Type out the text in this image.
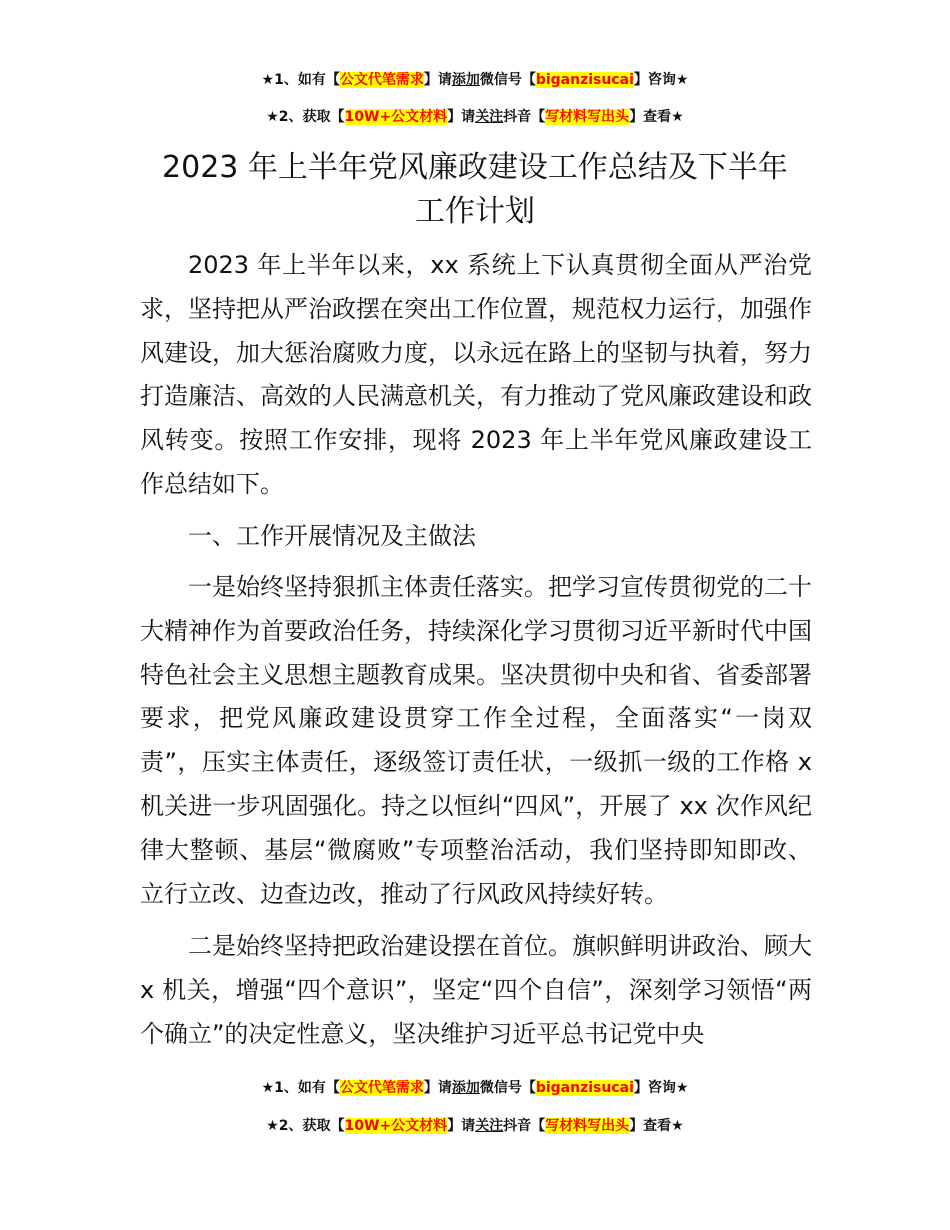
★1、如有【公文代笔需求】请添加微信号【biganzisucai】咨询★
★2、获取【10W+公文材料】请关注抖音【写材料写出头】查看★
2023 年上半年党风廉政建设工作总结及下半年
工作计划

2023 年上半年以来，xx 系统上下认真贯彻全面从严治党求，坚持把从严治政摆在突出工作位置，规范权力运行，加强作风建设，加大惩治腐败力度，以永远在路上的坚韧与执着，努力打造廉洁、高效的人民满意机关，有力推动了党风廉政建设和政风转变。按照工作安排，现将 2023 年上半年党风廉政建设工作总结如下。

一、工作开展情况及主做法

一是始终坚持狠抓主体责任落实。把学习宣传贯彻党的二十大精神作为首要政治任务，持续深化学习贯彻习近平新时代中国特色社会主义思想主题教育成果。坚决贯彻中央和省、省委部署要求，把党风廉政建设贯穿工作全过程，全面落实“一岗双责”，压实主体责任，逐级签订责任状，一级抓一级的工作格 x 机关进一步巩固强化。持之以恒纠“四风”，开展了 xx 次作风纪律大整顿、基层“微腐败”专项整治活动，我们坚持即知即改、立行立改、边查边改，推动了行风政风持续好转。

二是始终坚持把政治建设摆在首位。旗帜鲜明讲政治、顾大 x 机关，增强“四个意识”，坚定“四个自信”，深刻学习领悟“两个确立”的决定性意义，坚决维护习近平总书记党中央

★1、如有【公文代笔需求】请添加微信号【biganzisucai】咨询★
★2、获取【10W+公文材料】请关注抖音【写材料写出头】查看★
